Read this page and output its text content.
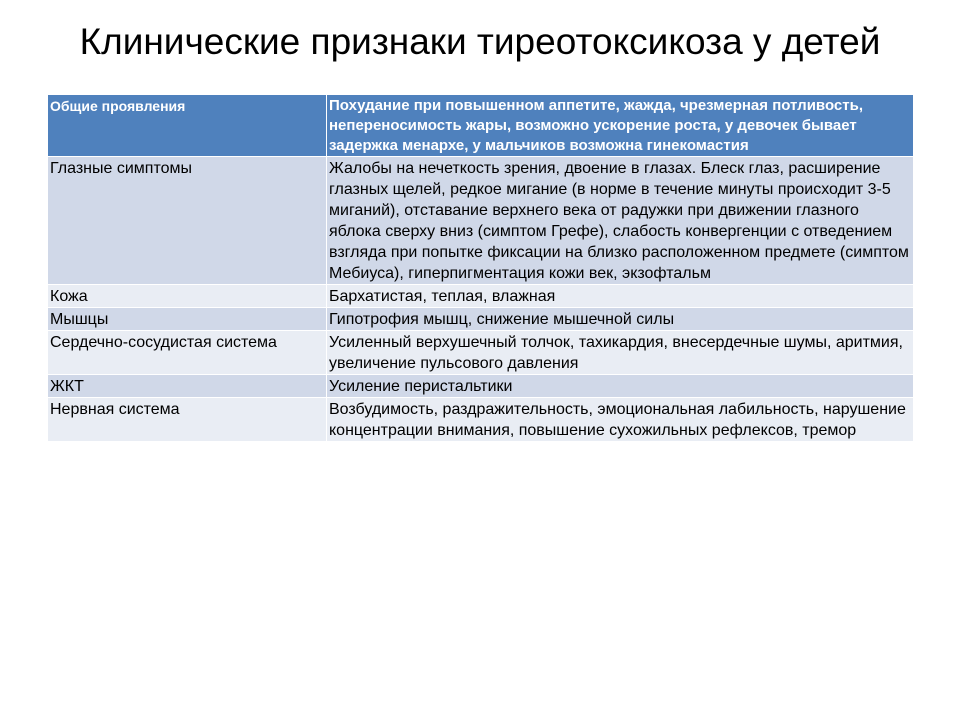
Клинические признаки тиреотоксикоза у детей
Общие проявления	Похудание при повышенном аппетите, жажда, чрезмерная потливость, непереносимость жары, возможно ускорение роста, у девочек бывает задержка менархе, у мальчиков возможна гинекомастия
Глазные симптомы	Жалобы на нечеткость зрения, двоение в глазах. Блеск глаз, расширение глазных щелей, редкое мигание (в норме в течение минуты происходит 3-5 миганий), отставание верхнего века от радужки при движении глазного яблока сверху вниз (симптом Грефе), слабость конвергенции с отведением взгляда при попытке фиксации на близко расположенном предмете (симптом Мебиуса), гиперпигментация кожи век, экзофтальм
Кожа	Бархатистая, теплая, влажная
Мышцы	Гипотрофия мышц, снижение мышечной силы
Сердечно-сосудистая система	Усиленный верхушечный толчок, тахикардия, внесердечные шумы, аритмия, увеличение пульсового давления
ЖКТ	Усиление перистальтики
Нервная система	Возбудимость, раздражительность, эмоциональная лабильность, нарушение концентрации внимания, повышение сухожильных рефлексов, тремор
